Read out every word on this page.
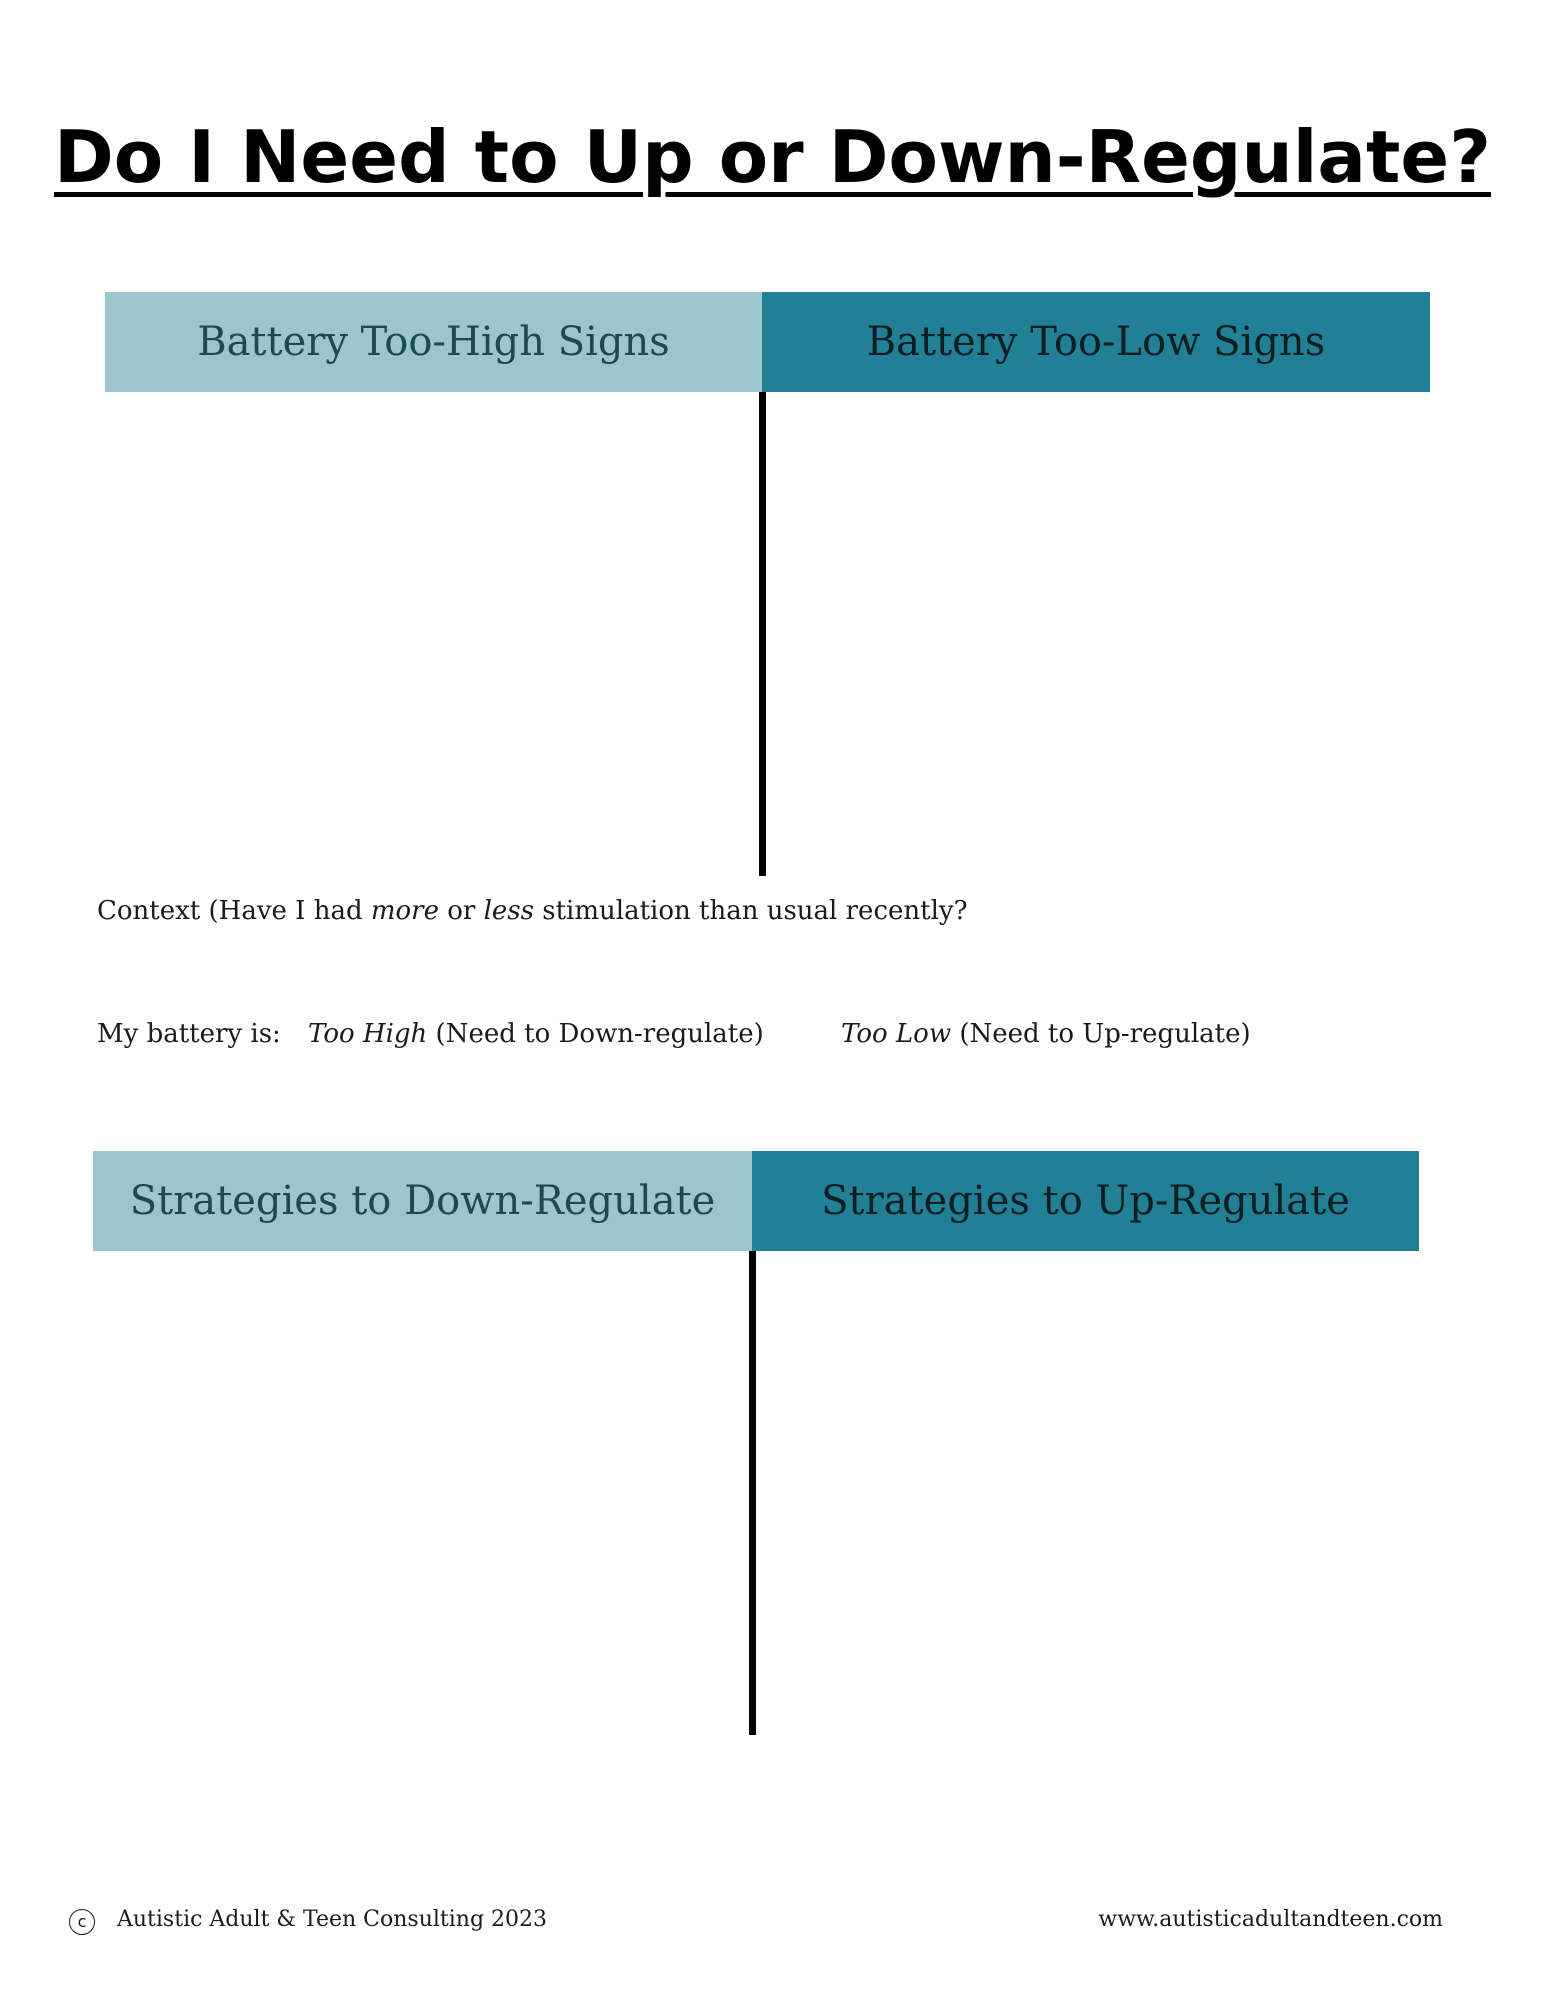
Do I Need to Up or Down-Regulate?
Battery Too-High Signs	Battery Too-Low Signs
Context (Have I had more or less stimulation than usual recently?
My battery is: Too High (Need to Down-regulate)	Too Low (Need to Up-regulate)
Strategies to Down-Regulate	Strategies to Up-Regulate
c Autistic Adult & Teen Consulting 2023	www.autisticadultandteen.com
